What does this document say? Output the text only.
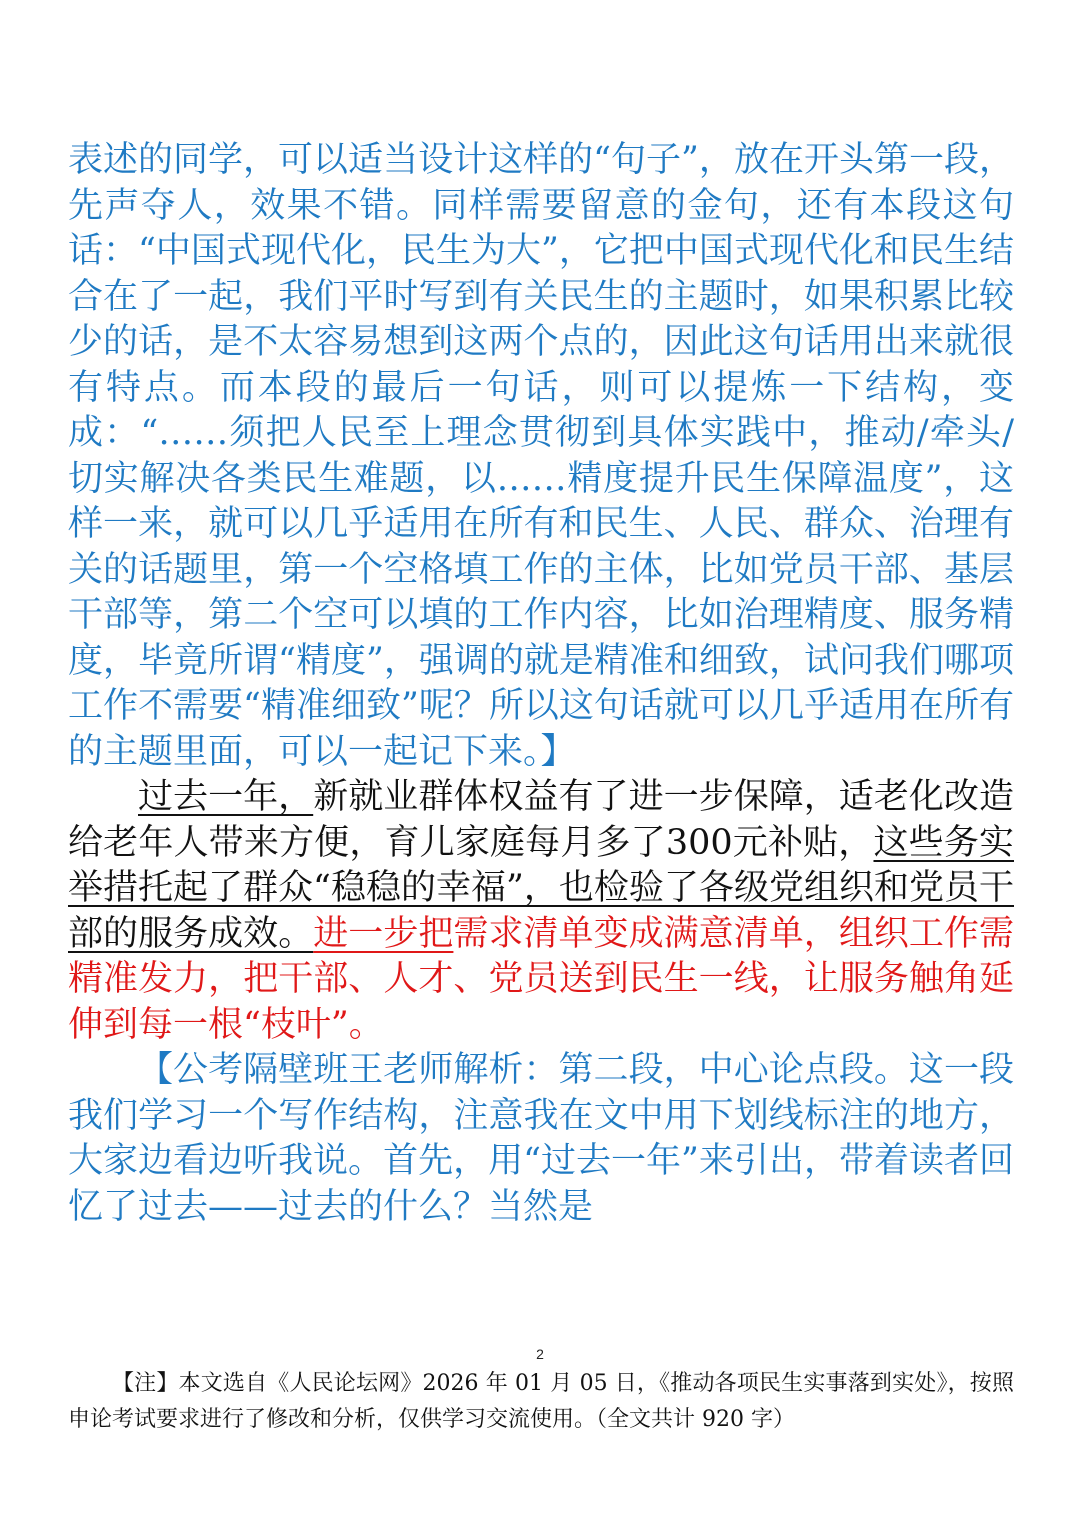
表述的同学，可以适当设计这样的“句子”，放在开头第一段，先声夺人，效果不错。同样需要留意的金句，还有本段这句话：“中国式现代化，民生为大”，它把中国式现代化和民生结合在了一起，我们平时写到有关民生的主题时，如果积累比较少的话，是不太容易想到这两个点的，因此这句话用出来就很有特点。而本段的最后一句话，则可以提炼一下结构，变成：“……须把人民至上理念贯彻到具体实践中，推动/牵头/切实解决各类民生难题，以……精度提升民生保障温度”，这样一来，就可以几乎适用在所有和民生、人民、群众、治理有关的话题里，第一个空格填工作的主体，比如党员干部、基层干部等，第二个空可以填的工作内容，比如治理精度、服务精度，毕竟所谓“精度”，强调的就是精准和细致，试问我们哪项工作不需要“精准细致”呢？所以这句话就可以几乎适用在所有的主题里面，可以一起记下来。】

过去一年，新就业群体权益有了进一步保障，适老化改造给老年人带来方便，育儿家庭每月多了300元补贴，这些务实举措托起了群众“稳稳的幸福”，也检验了各级党组织和党员干部的服务成效。进一步把需求清单变成满意清单，组织工作需精准发力，把干部、人才、党员送到民生一线，让服务触角延伸到每一根“枝叶”。

【公考隔壁班王老师解析：第二段，中心论点段。这一段我们学习一个写作结构，注意我在文中用下划线标注的地方，大家边看边听我说。首先，用“过去一年”来引出，带着读者回忆了过去——过去的什么？当然是

2

【注】本文选自《人民论坛网》2026 年 01 月 05 日，《推动各项民生实事落到实处》，按照申论考试要求进行了修改和分析，仅供学习交流使用。（全文共计 920 字）
